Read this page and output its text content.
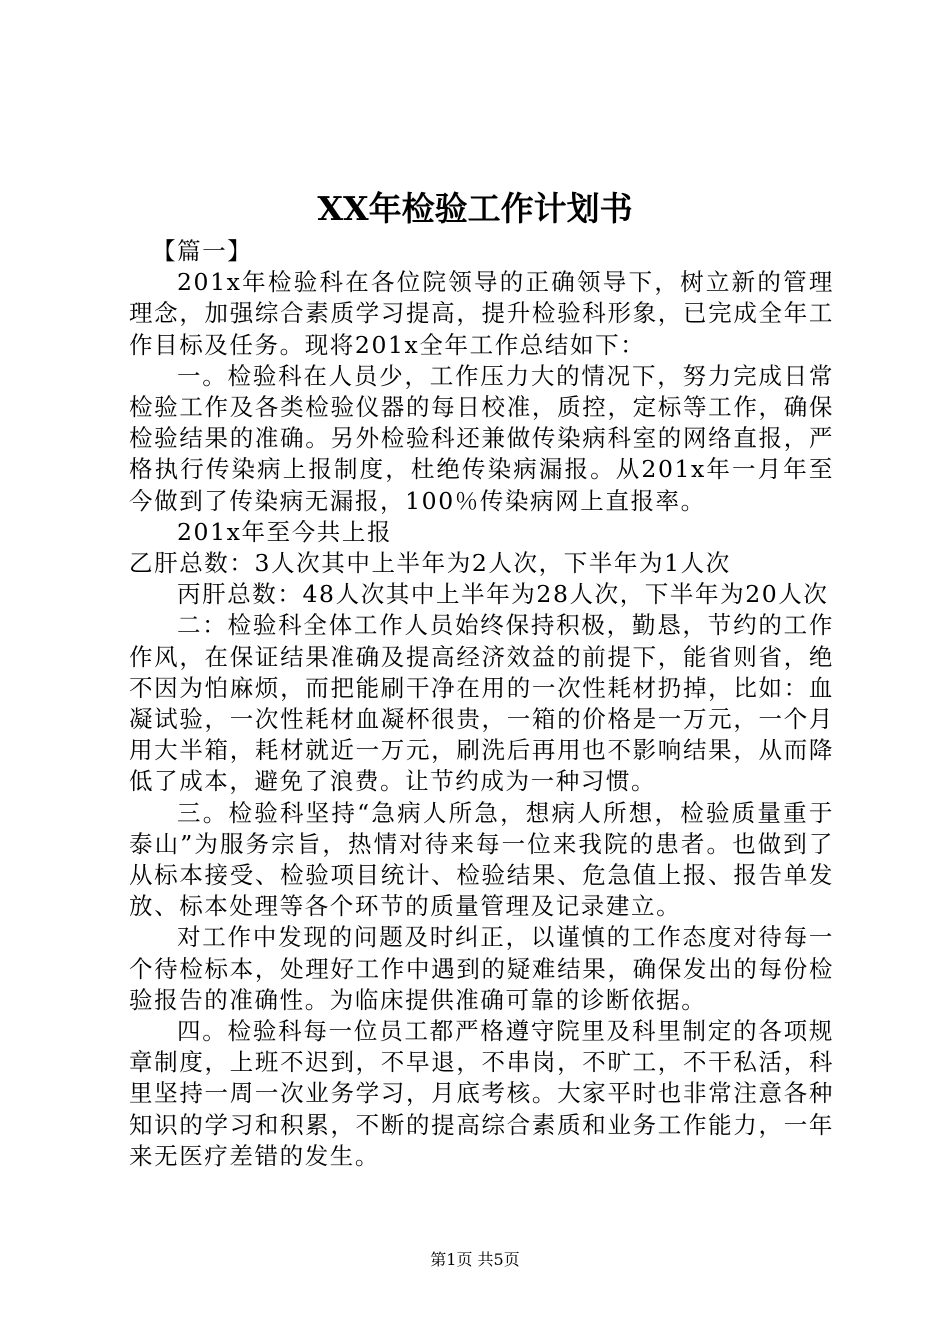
XX年检验工作计划书

【篇一】

201x年检验科在各位院领导的正确领导下，树立新的管理理念，加强综合素质学习提高，提升检验科形象，已完成全年工作目标及任务。现将201x全年工作总结如下：

一。检验科在人员少，工作压力大的情况下，努力完成日常检验工作及各类检验仪器的每日校准，质控，定标等工作，确保检验结果的准确。另外检验科还兼做传染病科室的网络直报，严格执行传染病上报制度，杜绝传染病漏报。从201x年一月年至今做到了传染病无漏报，100％传染病网上直报率。

201x年至今共上报

乙肝总数：3人次其中上半年为2人次，下半年为1人次

丙肝总数：48人次其中上半年为28人次，下半年为20人次

二：检验科全体工作人员始终保持积极，勤恳，节约的工作作风，在保证结果准确及提高经济效益的前提下，能省则省，绝不因为怕麻烦，而把能刷干净在用的一次性耗材扔掉，比如：血凝试验，一次性耗材血凝杯很贵，一箱的价格是一万元，一个月用大半箱，耗材就近一万元，刷洗后再用也不影响结果，从而降低了成本，避免了浪费。让节约成为一种习惯。

三。检验科坚持“急病人所急，想病人所想，检验质量重于泰山”为服务宗旨，热情对待来每一位来我院的患者。也做到了从标本接受、检验项目统计、检验结果、危急值上报、报告单发放、标本处理等各个环节的质量管理及记录建立。

对工作中发现的问题及时纠正，以谨慎的工作态度对待每一个待检标本，处理好工作中遇到的疑难结果，确保发出的每份检验报告的准确性。为临床提供准确可靠的诊断依据。

四。检验科每一位员工都严格遵守院里及科里制定的各项规章制度，上班不迟到，不早退，不串岗，不旷工，不干私活，科里坚持一周一次业务学习，月底考核。大家平时也非常注意各种知识的学习和积累，不断的提高综合素质和业务工作能力，一年来无医疗差错的发生。

第1页 共5页
